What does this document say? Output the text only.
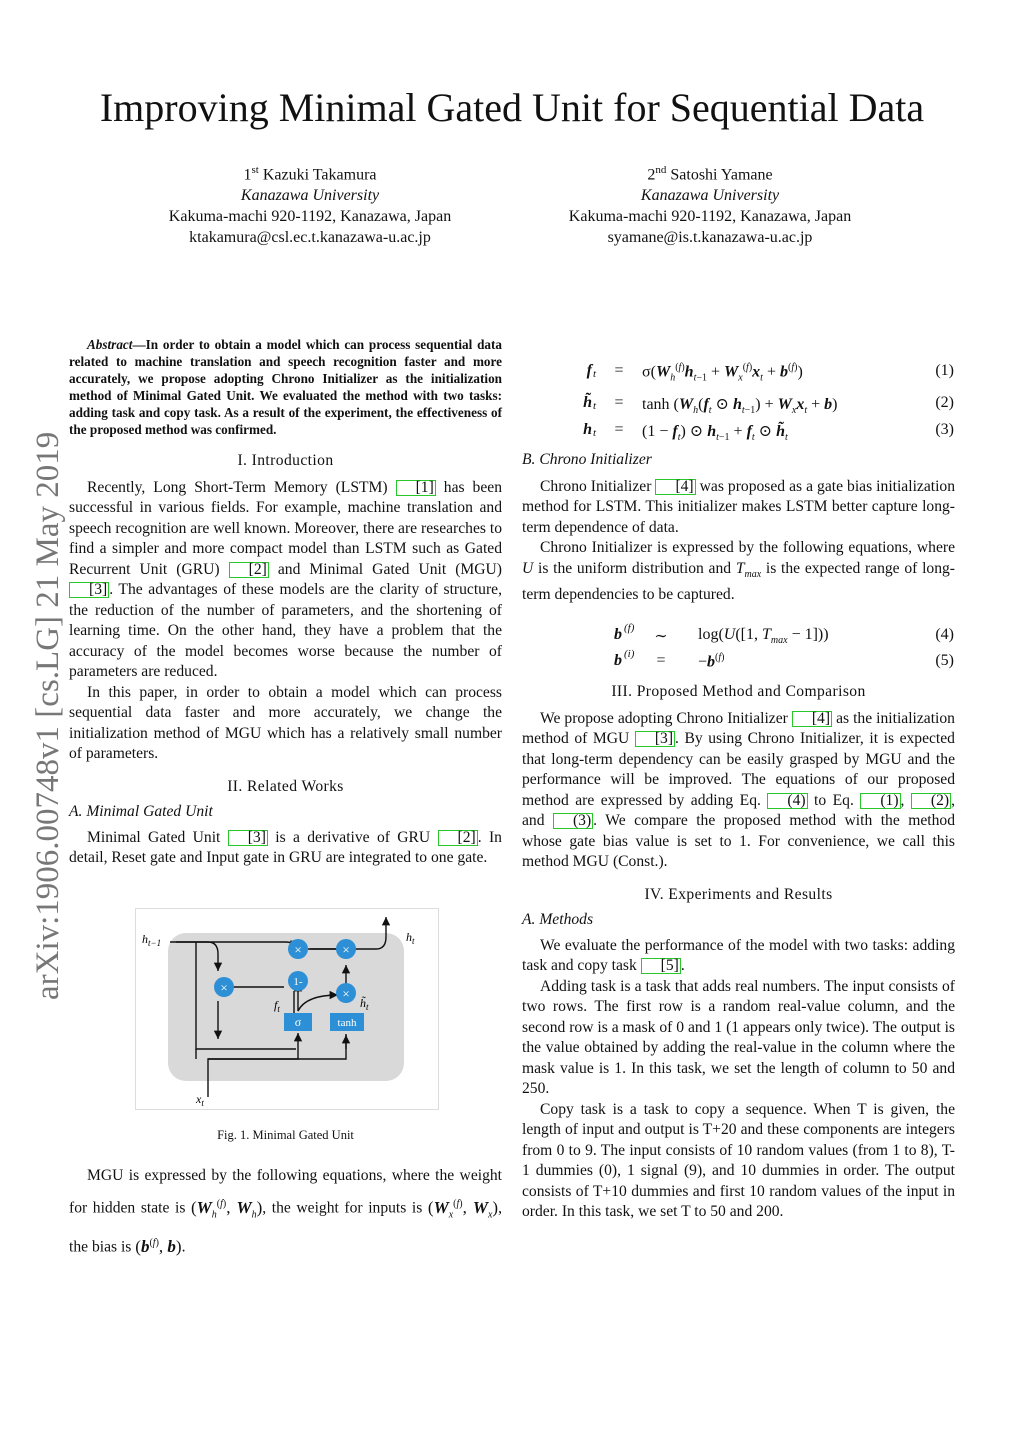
Improving Minimal Gated Unit for Sequential Data
1st Kazuki Takamura
Kanazawa University
Kakuma-machi 920-1192, Kanazawa, Japan
ktakamura@csl.ec.t.kanazawa-u.ac.jp
2nd Satoshi Yamane
Kanazawa University
Kakuma-machi 920-1192, Kanazawa, Japan
syamane@is.t.kanazawa-u.ac.jp
arXiv:1906.00748v1 [cs.LG] 21 May 2019

Abstract—In order to obtain a model which can process sequential data related to machine translation and speech recognition faster and more accurately, we propose adopting Chrono Initializer as the initialization method of Minimal Gated Unit. We evaluated the method with two tasks: adding task and copy task. As a result of the experiment, the effectiveness of the proposed method was confirmed.

I. Introduction

Recently, Long Short-Term Memory (LSTM) [1] has been successful in various fields. For example, machine translation and speech recognition are well known. Moreover, there are researches to find a simpler and more compact model than LSTM such as Gated Recurrent Unit (GRU) [2] and Minimal Gated Unit (MGU) [3] . The advantages of these models are the clarity of structure, the reduction of the number of parameters, and the shortening of learning time. On the other hand, they have a problem that the accuracy of the model becomes worse because the number of parameters are reduced.

In this paper, in order to obtain a model which can process sequential data faster and more accurately, we change the initialization method of MGU which has a relatively small number of parameters.

II. Related Works
A. Minimal Gated Unit

Minimal Gated Unit [3] is a derivative of GRU [2] . In detail, Reset gate and Input gate in GRU are integrated to one gate.

×	×
1-
×	×
σ	tanh
$h_{t-1}$	$h_t$
$f_t$	$h̃_t$
$x_t$
Fig. 1. Minimal Gated Unit

MGU is expressed by the following equations, where the weight for hidden state is ($W_h^{(f)}$, $W_h$), the weight for inputs is ($W_x^{(f)}$, $W_x$), the bias is ($b^{(f)}$, b).

f t	=	$\sigma(W_h^{(f)}h_{t-1} + W_x^{(f)}x_t + b^{(f)})$	(1)
h̃ t	=	$\tanh (W_h(f_t$ ⊙ $h_{t-1}) + W_xx_t + b$)	(2)
h t	=	$(1 - f_t)$ ⊙ $h_{t-1} + f_t$ ⊙ $h̃_t$	(3)
B. Chrono Initializer

Chrono Initializer [4] was proposed as a gate bias initialization method for LSTM. This initializer makes LSTM better capture long-term dependence of data.

Chrono Initializer is expressed by the following equations, where U is the uniform distribution and $T_{max}$ is the expected range of long-term dependencies to be captured.

b (f)	∼	log(U([1, $T_{max} - 1$]))	(4)
b (i)	=	$-b^{(f)}$	(5)
III. Proposed Method and Comparison

We propose adopting Chrono Initializer [4] as the initialization method of MGU [3] . By using Chrono Initializer, it is expected that long-term dependency can be easily grasped by MGU and the performance will be improved. The equations of our proposed method are expressed by adding Eq. (4) to Eq. (1) , (2) , and (3) . We compare the proposed method with the method whose gate bias value is set to 1. For convenience, we call this method MGU (Const.).

IV. Experiments and Results
A. Methods

We evaluate the performance of the model with two tasks: adding task and copy task [5] .

Adding task is a task that adds real numbers. The input consists of two rows. The first row is a random real-value column, and the second row is a mask of 0 and 1 (1 appears only twice). The output is the value obtained by adding the real-value in the column where the mask value is 1. In this task, we set the length of column to 50 and 250.

Copy task is a task to copy a sequence. When T is given, the length of input and output is T+20 and these components are integers from 0 to 9. The input consists of 10 random values (from 1 to 8), T-1 dummies (0), 1 signal (9), and 10 dummies in order. The output consists of T+10 dummies and first 10 random values of the input in order. In this task, we set T to 50 and 200.
